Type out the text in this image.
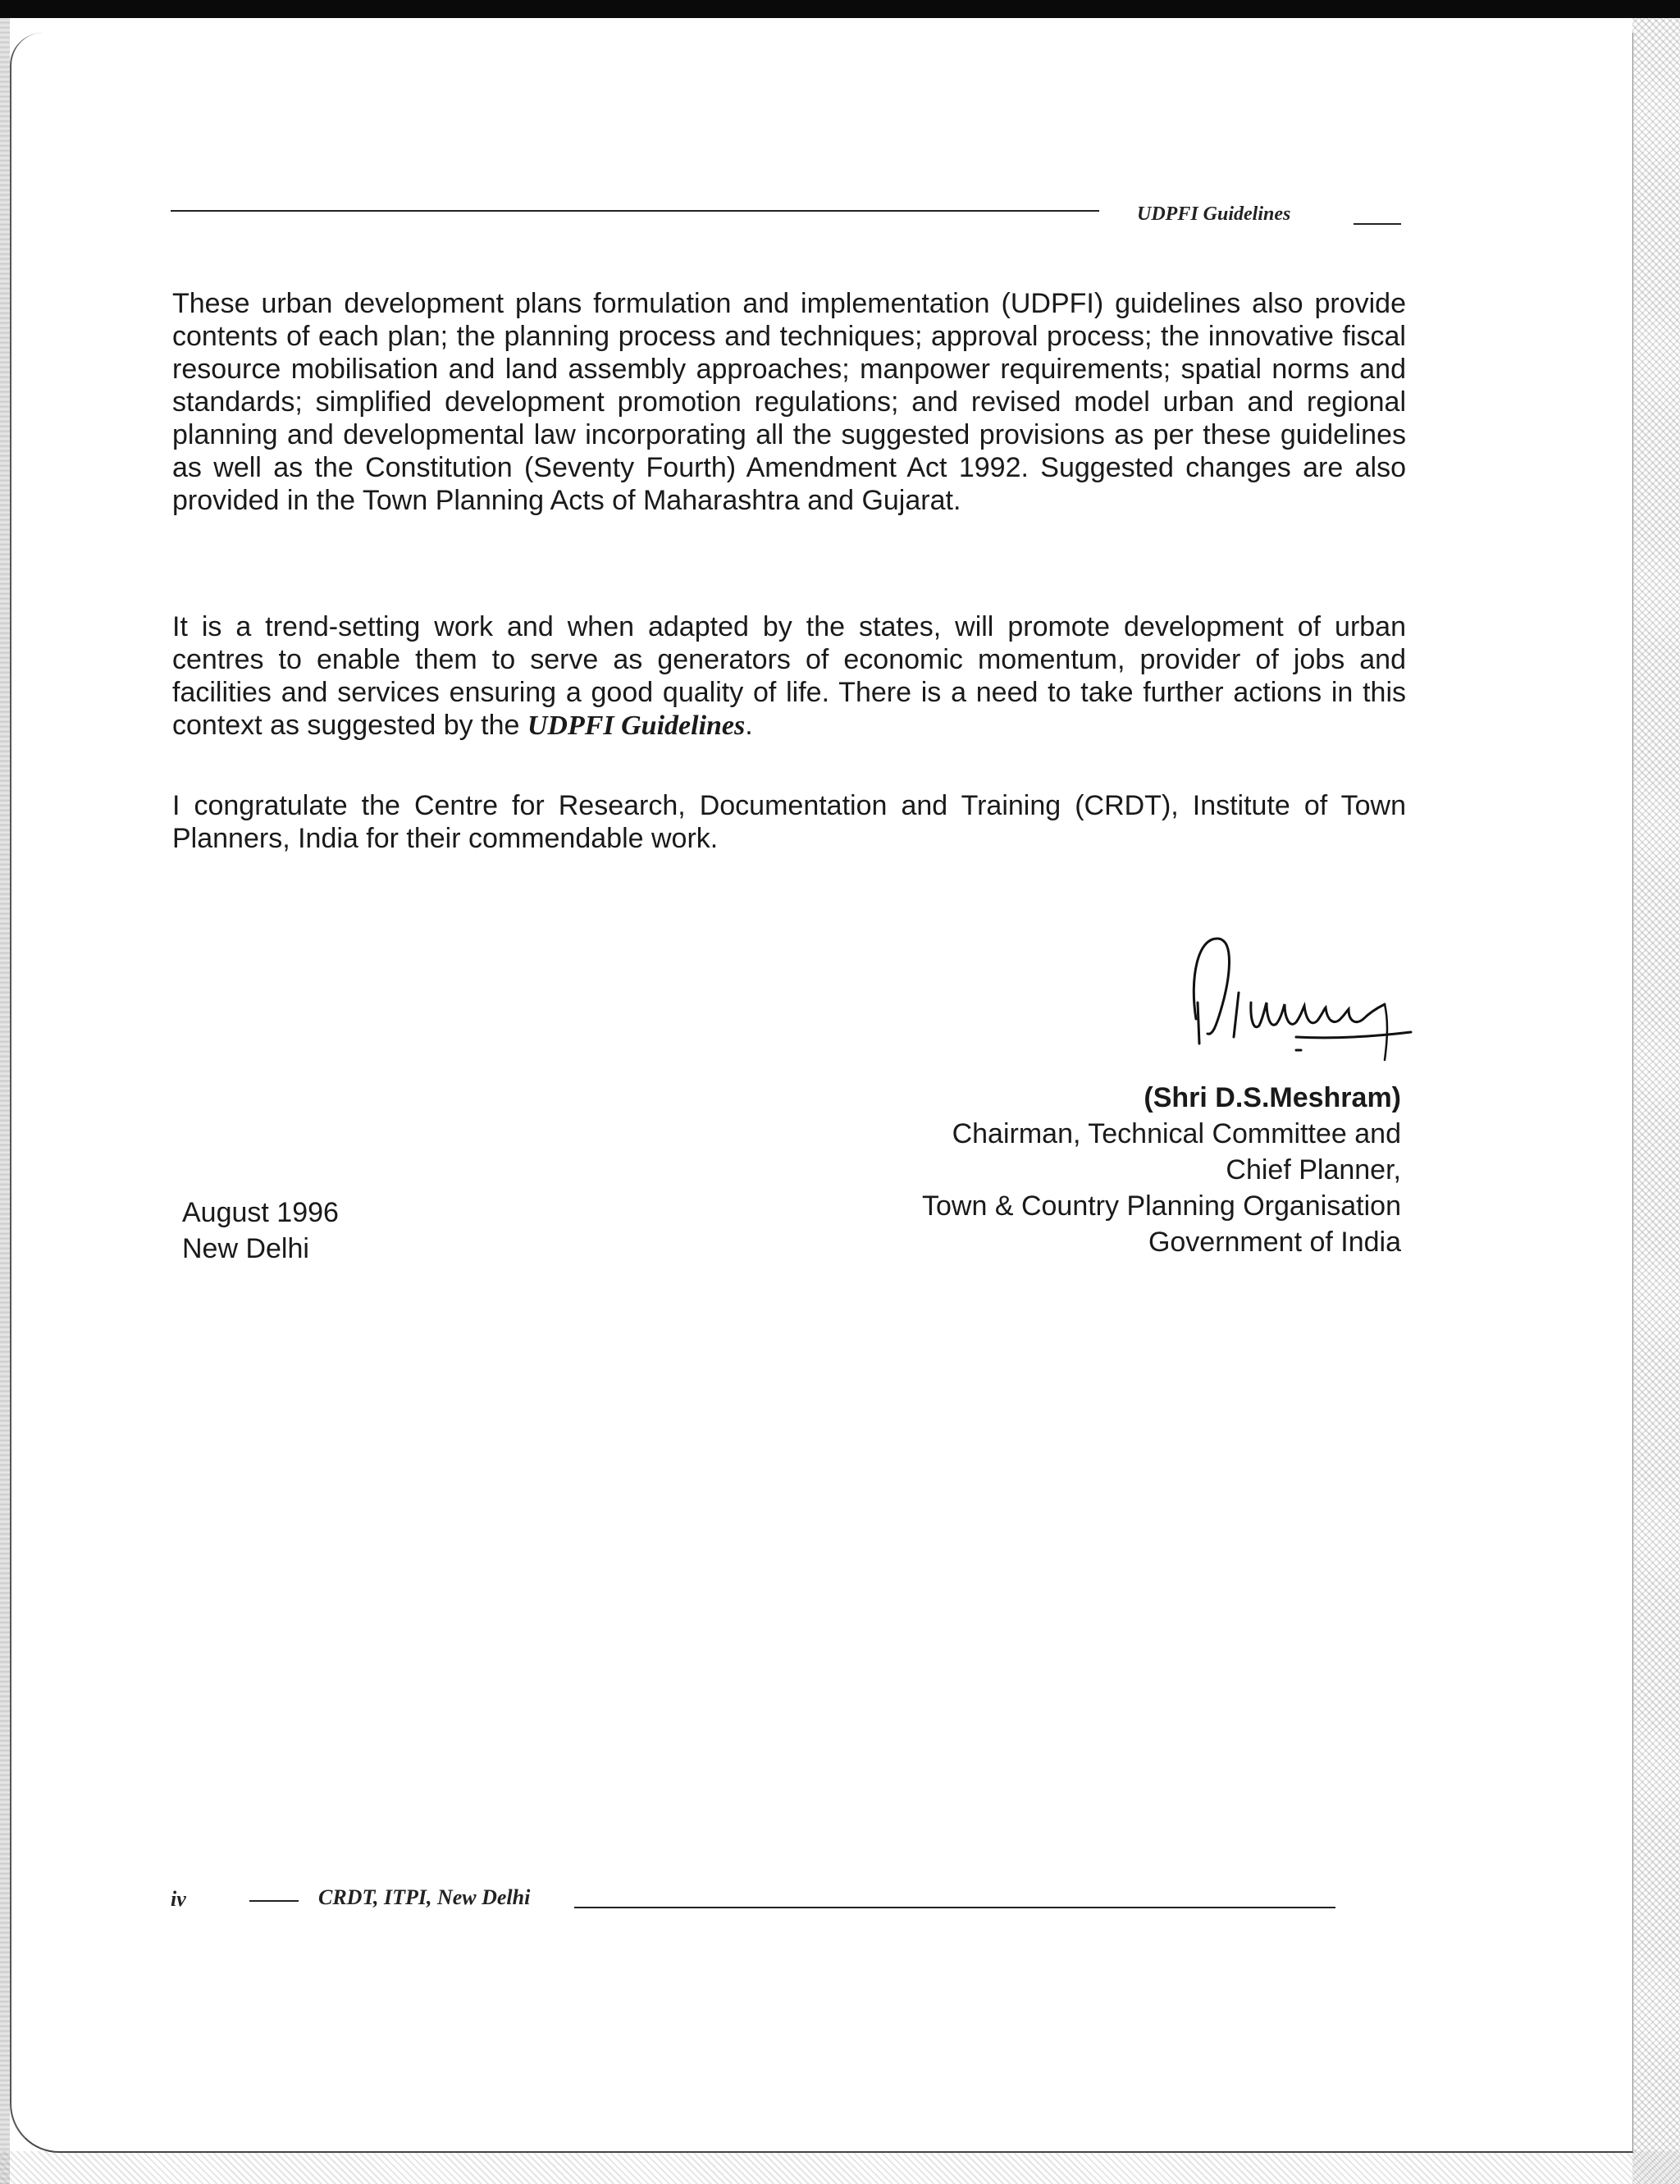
UDPFI Guidelines

These urban development plans formulation and implementation (UDPFI) guidelines also provide contents of each plan; the planning process and techniques; approval process; the innovative fiscal resource mobilisation and land assembly approaches; manpower requirements; spatial norms and standards; simplified development promotion regulations; and revised model urban and regional planning and developmental law incorporating all the suggested provisions as per these guidelines as well as the Constitution (Seventy Fourth) Amendment Act 1992. Suggested changes are also provided in the Town Planning Acts of Maharashtra and Gujarat.

It is a trend-setting work and when adapted by the states, will promote development of urban centres to enable them to serve as generators of economic momentum, provider of jobs and facilities and services ensuring a good quality of life. There is a need to take further actions in this context as suggested by the UDPFI Guidelines.

I congratulate the Centre for Research, Documentation and Training (CRDT), Institute of Town Planners, India for their commendable work.

(Shri D.S.Meshram)
Chairman, Technical Committee and
Chief Planner,
Town & Country Planning Organisation
Government of India
August 1996
New Delhi
iv	CRDT, ITPI, New Delhi
